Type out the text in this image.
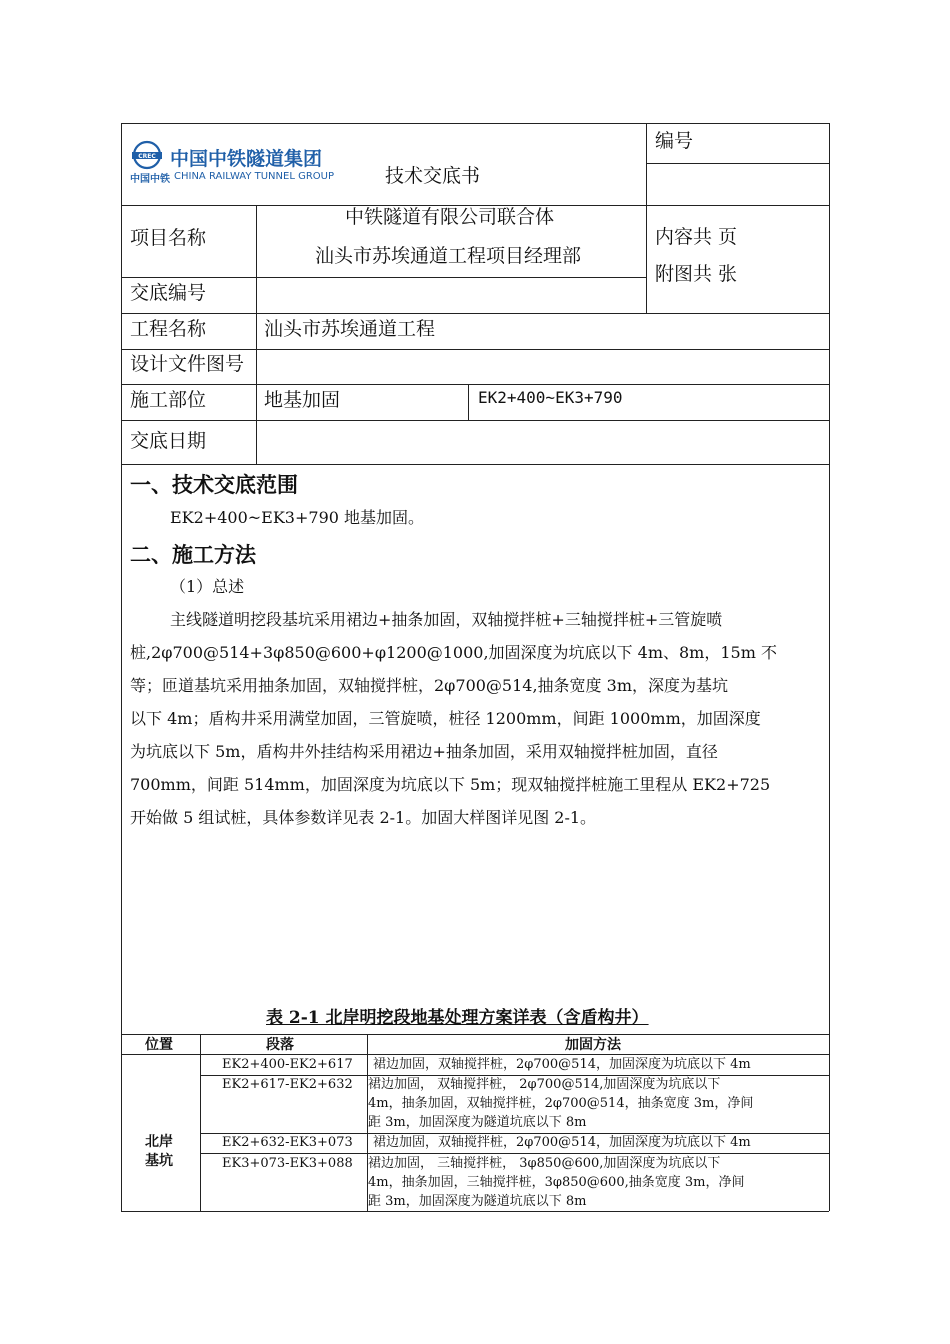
CREC 中国中铁隧道集团
中国中铁 CHINA RAILWAY TUNNEL GROUP	技术交底书
编号
项目名称
中铁隧道有限公司联合体
汕头市苏埃通道工程项目经理部
内容共 页
附图共 张
交底编号
工程名称	汕头市苏埃通道工程
设计文件图号
施工部位	地基加固	EK2+400~EK3+790
交底日期
一、技术交底范围
EK2+400~EK3+790 地基加固。
二、施工方法
（1）总述
主线隧道明挖段基坑采用裙边+抽条加固，双轴搅拌桩+三轴搅拌桩+三管旋喷
桩,2φ700@514+3φ850@600+φ1200@1000,加固深度为坑底以下 4m、8m，15m 不
等；匝道基坑采用抽条加固，双轴搅拌桩，2φ700@514,抽条宽度 3m，深度为基坑
以下 4m；盾构井采用满堂加固，三管旋喷，桩径 1200mm，间距 1000mm，加固深度
为坑底以下 5m，盾构井外挂结构采用裙边+抽条加固，采用双轴搅拌桩加固，直径
700mm，间距 514mm，加固深度为坑底以下 5m；现双轴搅拌桩施工里程从 EK2+725
开始做 5 组试桩，具体参数详见表 2-1。加固大样图详见图 2-1。
表 2-1 北岸明挖段地基处理方案详表（含盾构井）
位置	段落	加固方法
北岸
基坑
EK2+400-EK2+617 裙边加固，双轴搅拌桩，2φ700@514，加固深度为坑底以下 4m
EK2+617-EK2+632 裙边加固， 双轴搅拌桩， 2φ700@514,加固深度为坑底以下
4m，抽条加固，双轴搅拌桩，2φ700@514，抽条宽度 3m，净间
距 3m，加固深度为隧道坑底以下 8m
EK2+632-EK3+073 裙边加固，双轴搅拌桩，2φ700@514，加固深度为坑底以下 4m
EK3+073-EK3+088 裙边加固， 三轴搅拌桩， 3φ850@600,加固深度为坑底以下
4m，抽条加固，三轴搅拌桩，3φ850@600,抽条宽度 3m，净间
距 3m，加固深度为隧道坑底以下 8m
